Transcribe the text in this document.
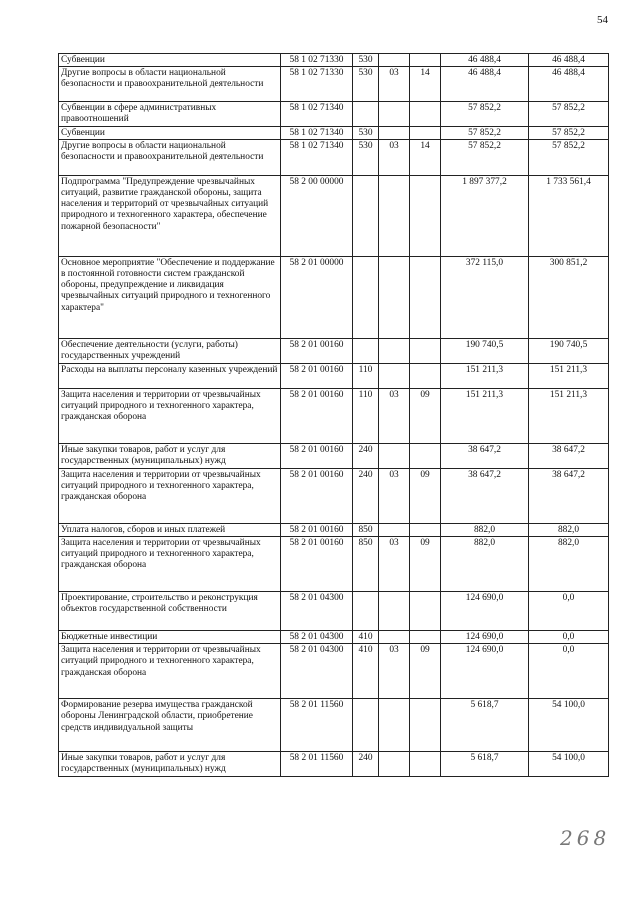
54
Субвенции	58 1 02 71330	530			46 488,4	46 488,4
Другие вопросы в области национальной безопасности и правоохранительной деятельности	58 1 02 71330	530	03	14	46 488,4	46 488,4
Субвенции в сфере административных правоотношений	58 1 02 71340				57 852,2	57 852,2
Субвенции	58 1 02 71340	530			57 852,2	57 852,2
Другие вопросы в области национальной безопасности и правоохранительной деятельности	58 1 02 71340	530	03	14	57 852,2	57 852,2
Подпрограмма "Предупреждение чрезвычайных ситуаций, развитие гражданской обороны, защита населения и территорий от чрезвычайных ситуаций природного и техногенного характера, обеспечение пожарной безопасности"	58 2 00 00000				1 897 377,2	1 733 561,4
Основное мероприятие "Обеспечение и поддержание в постоянной готовности систем гражданской обороны, предупреждение и ликвидация чрезвычайных ситуаций природного и техногенного характера"	58 2 01 00000				372 115,0	300 851,2
Обеспечение деятельности (услуги, работы) государственных учреждений	58 2 01 00160				190 740,5	190 740,5
Расходы на выплаты персоналу казенных учреждений	58 2 01 00160	110			151 211,3	151 211,3
Защита населения и территории от чрезвычайных ситуаций природного и техногенного характера, гражданская оборона	58 2 01 00160	110	03	09	151 211,3	151 211,3
Иные закупки товаров, работ и услуг для государственных (муниципальных) нужд	58 2 01 00160	240			38 647,2	38 647,2
Защита населения и территории от чрезвычайных ситуаций природного и техногенного характера, гражданская оборона	58 2 01 00160	240	03	09	38 647,2	38 647,2
Уплата налогов, сборов и иных платежей	58 2 01 00160	850			882,0	882,0
Защита населения и территории от чрезвычайных ситуаций природного и техногенного характера, гражданская оборона	58 2 01 00160	850	03	09	882,0	882,0
Проектирование, строительство и реконструкция объектов государственной собственности	58 2 01 04300				124 690,0	0,0
Бюджетные инвестиции	58 2 01 04300	410			124 690,0	0,0
Защита населения и территории от чрезвычайных ситуаций природного и техногенного характера, гражданская оборона	58 2 01 04300	410	03	09	124 690,0	0,0
Формирование резерва имущества гражданской обороны Ленинградской области, приобретение средств индивидуальной защиты	58 2 01 11560				5 618,7	54 100,0
Иные закупки товаров, работ и услуг для государственных (муниципальных) нужд	58 2 01 11560	240			5 618,7	54 100,0
268
